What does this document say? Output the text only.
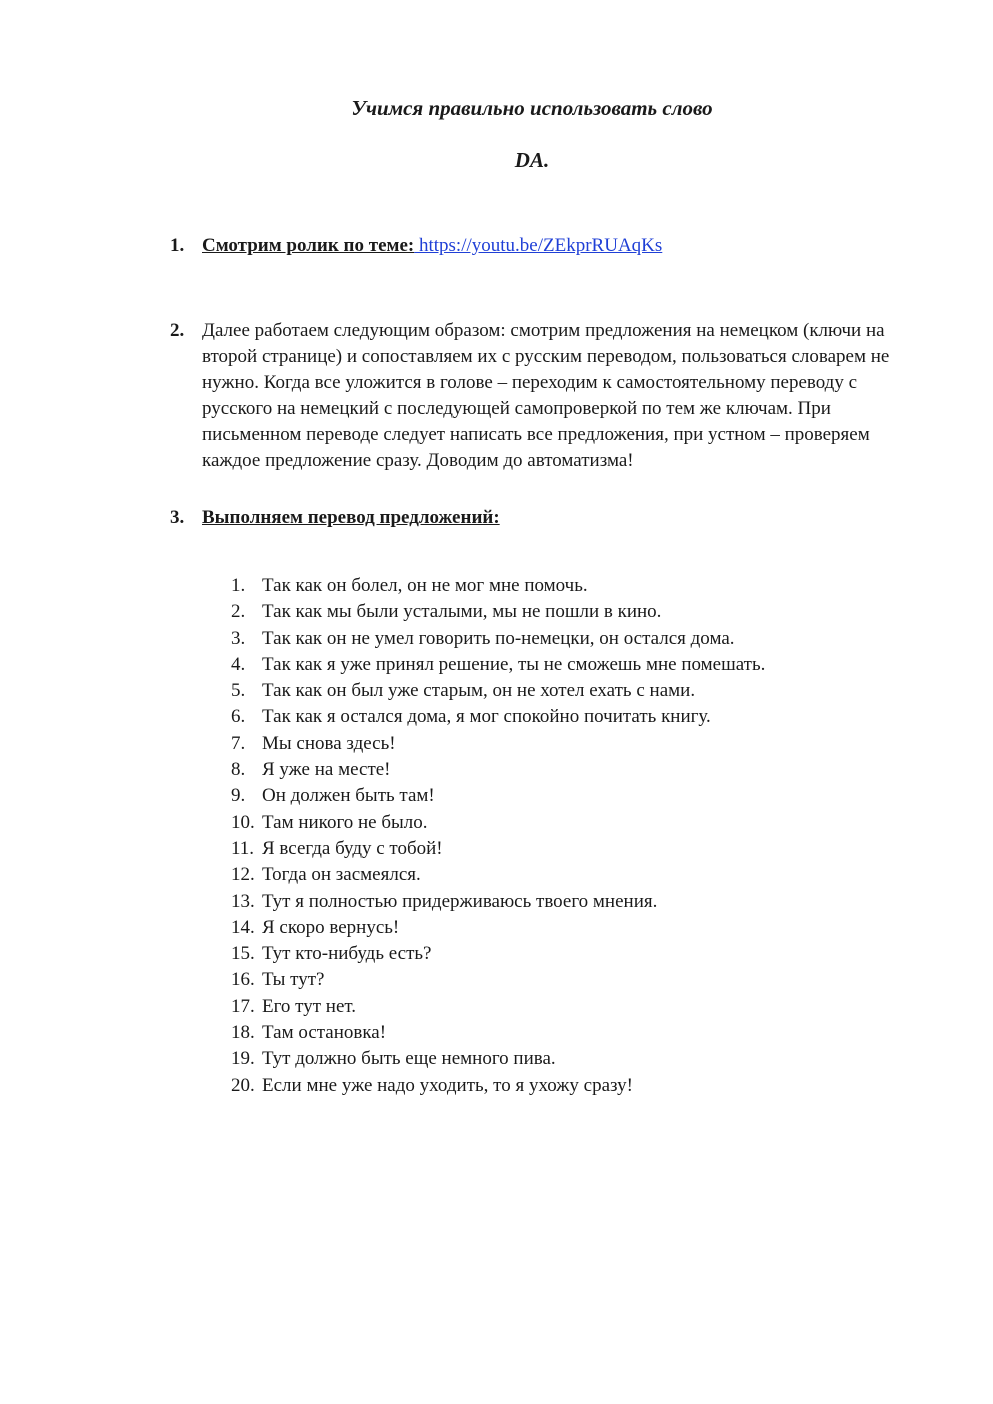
Учимся правильно использовать слово
DA.
1. Смотрим ролик по теме: https://youtu.be/ZEkprRUAqKs
2. Далее работаем следующим образом: смотрим предложения на немецком (ключи на второй странице) и сопоставляем их с русским переводом, пользоваться словарем не нужно. Когда все уложится в голове – переходим к самостоятельному переводу с русского на немецкий с последующей самопроверкой по тем же ключам. При письменном переводе следует написать все предложения, при устном – проверяем каждое предложение сразу. Доводим до автоматизма!
3. Выполняем перевод предложений:
1. Так как он болел, он не мог мне помочь.
2. Так как мы были усталыми, мы не пошли в кино.
3. Так как он не умел говорить по-немецки, он остался дома.
4. Так как я уже принял решение, ты не сможешь мне помешать.
5. Так как он был уже старым, он не хотел ехать с нами.
6. Так как я остался дома, я мог спокойно почитать книгу.
7. Мы снова здесь!
8. Я уже на месте!
9. Он должен быть там!
10. Там никого не было.
11. Я всегда буду с тобой!
12. Тогда он засмеялся.
13. Тут я полностью придерживаюсь твоего мнения.
14. Я скоро вернусь!
15. Тут кто-нибудь есть?
16. Ты тут?
17. Его тут нет.
18. Там остановка!
19. Тут должно быть еще немного пива.
20. Если мне уже надо уходить, то я ухожу сразу!
